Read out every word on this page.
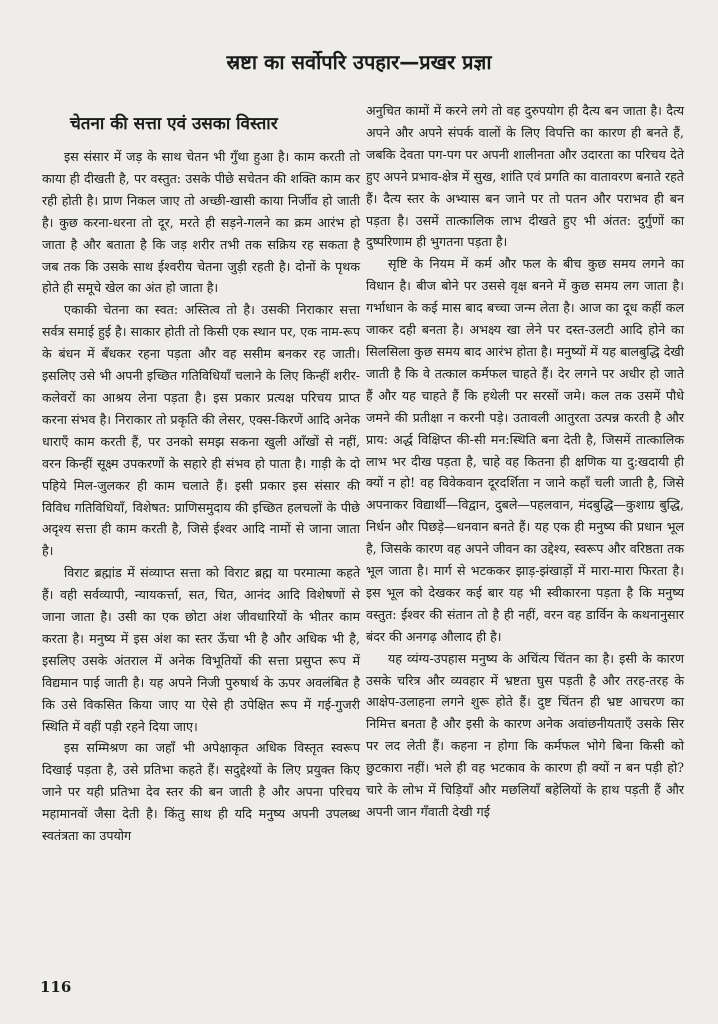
स्रष्टा का सर्वोपरि उपहार—प्रखर प्रज्ञा
चेतना की सत्ता एवं उसका विस्तार

इस संसार में जड़ के साथ चेतन भी गुँथा हुआ है। काम करती तो काया ही दीखती है, पर वस्तुत: उसके पीछे सचेतन की शक्ति काम कर रही होती है। प्राण निकल जाए तो अच्छी-खासी काया निर्जीव हो जाती है। कुछ करना-धरना तो दूर, मरते ही सड़ने-गलने का क्रम आरंभ हो जाता है और बताता है कि जड़ शरीर तभी तक सक्रिय रह सकता है जब तक कि उसके साथ ईश्वरीय चेतना जुड़ी रहती है। दोनों के पृथक होते ही समूचे खेल का अंत हो जाता है।

एकाकी चेतना का स्वत: अस्तित्व तो है। उसकी निराकार सत्ता सर्वत्र समाई हुई है। साकार होती तो किसी एक स्थान पर, एक नाम-रूप के बंधन में बँधकर रहना पड़ता और वह ससीम बनकर रह जाती। इसलिए उसे भी अपनी इच्छित गतिविधियाँ चलाने के लिए किन्हीं शरीर-कलेवरों का आश्रय लेना पड़ता है। इस प्रकार प्रत्यक्ष परिचय प्राप्त करना संभव है। निराकार तो प्रकृति की लेसर, एक्स-किरणें आदि अनेक धाराएँ काम करती हैं, पर उनको समझ सकना खुली आँखों से नहीं, वरन किन्हीं सूक्ष्म उपकरणों के सहारे ही संभव हो पाता है। गाड़ी के दो पहिये मिल-जुलकर ही काम चलाते हैं। इसी प्रकार इस संसार की विविध गतिविधियाँ, विशेषत: प्राणिसमुदाय की इच्छित हलचलों के पीछे अदृश्य सत्ता ही काम करती है, जिसे ईश्वर आदि नामों से जाना जाता है।

विराट ब्रह्मांड में संव्याप्त सत्ता को विराट ब्रह्म या परमात्मा कहते हैं। वही सर्वव्यापी, न्यायकर्त्ता, सत, चित, आनंद आदि विशेषणों से जाना जाता है। उसी का एक छोटा अंश जीवधारियों के भीतर काम करता है। मनुष्य में इस अंश का स्तर ऊँचा भी है और अधिक भी है, इसलिए उसके अंतराल में अनेक विभूतियों की सत्ता प्रसुप्त रूप में विद्यमान पाई जाती है। यह अपने निजी पुरुषार्थ के ऊपर अवलंबित है कि उसे विकसित किया जाए या ऐसे ही उपेक्षित रूप में गई-गुजरी स्थिति में वहीं पड़ी रहने दिया जाए।

इस सम्मिश्रण का जहाँ भी अपेक्षाकृत अधिक विस्तृत स्वरूप दिखाई पड़ता है, उसे प्रतिभा कहते हैं। सदुद्देश्यों के लिए प्रयुक्त किए जाने पर यही प्रतिभा देव स्तर की बन जाती है और अपना परिचय महामानवों जैसा देती है। किंतु साथ ही यदि मनुष्य अपनी उपलब्ध स्वतंत्रता का उपयोग

अनुचित कामों में करने लगे तो वह दुरुपयोग ही दैत्य बन जाता है। दैत्य अपने और अपने संपर्क वालों के लिए विपत्ति का कारण ही बनते हैं, जबकि देवता पग-पग पर अपनी शालीनता और उदारता का परिचय देते हुए अपने प्रभाव-क्षेत्र में सुख, शांति एवं प्रगति का वातावरण बनाते रहते हैं। दैत्य स्तर के अभ्यास बन जाने पर तो पतन और पराभव ही बन पड़ता है। उसमें तात्कालिक लाभ दीखते हुए भी अंतत: दुर्गुणों का दुष्परिणाम ही भुगतना पड़ता है।

सृष्टि के नियम में कर्म और फल के बीच कुछ समय लगने का विधान है। बीज बोने पर उससे वृक्ष बनने में कुछ समय लग जाता है। गर्भाधान के कई मास बाद बच्चा जन्म लेता है। आज का दूध कहीं कल जाकर दही बनता है। अभक्ष्य खा लेने पर दस्त-उलटी आदि होने का सिलसिला कुछ समय बाद आरंभ होता है। मनुष्यों में यह बालबुद्धि देखी जाती है कि वे तत्काल कर्मफल चाहते हैं। देर लगने पर अधीर हो जाते हैं और यह चाहते हैं कि हथेली पर सरसों जमे। कल तक उसमें पौधे जमने की प्रतीक्षा न करनी पड़े। उतावली आतुरता उत्पन्न करती है और प्राय: अर्द्ध विक्षिप्त की-सी मन:स्थिति बना देती है, जिसमें तात्कालिक लाभ भर दीख पड़ता है, चाहे वह कितना ही क्षणिक या दु:खदायी ही क्यों न हो! वह विवेकवान दूरदर्शिता न जाने कहाँ चली जाती है, जिसे अपनाकर विद्यार्थी—विद्वान, दुबले—पहलवान, मंदबुद्धि—कुशाग्र बुद्धि, निर्धन और पिछड़े—धनवान बनते हैं। यह एक ही मनुष्य की प्रधान भूल है, जिसके कारण वह अपने जीवन का उद्देश्य, स्वरूप और वरिष्ठता तक भूल जाता है। मार्ग से भटककर झाड़-झंखाड़ों में मारा-मारा फिरता है। इस भूल को देखकर कई बार यह भी स्वीकारना पड़ता है कि मनुष्य वस्तुत: ईश्वर की संतान तो है ही नहीं, वरन वह डार्विन के कथनानुसार बंदर की अनगढ़ औलाद ही है।

यह व्यंग्य-उपहास मनुष्य के अचिंत्य चिंतन का है। इसी के कारण उसके चरित्र और व्यवहार में भ्रष्टता घुस पड़ती है और तरह-तरह के आक्षेप-उलाहना लगने शुरू होते हैं। दुष्ट चिंतन ही भ्रष्ट आचरण का निमित्त बनता है और इसी के कारण अनेक अवांछनीयताएँ उसके सिर पर लद लेती हैं। कहना न होगा कि कर्मफल भोगे बिना किसी को छुटकारा नहीं। भले ही वह भटकाव के कारण ही क्यों न बन पड़ी हो? चारे के लोभ में चिड़ियाँ और मछलियाँ बहेलियों के हाथ पड़ती हैं और अपनी जान गँवाती देखी गई

116
